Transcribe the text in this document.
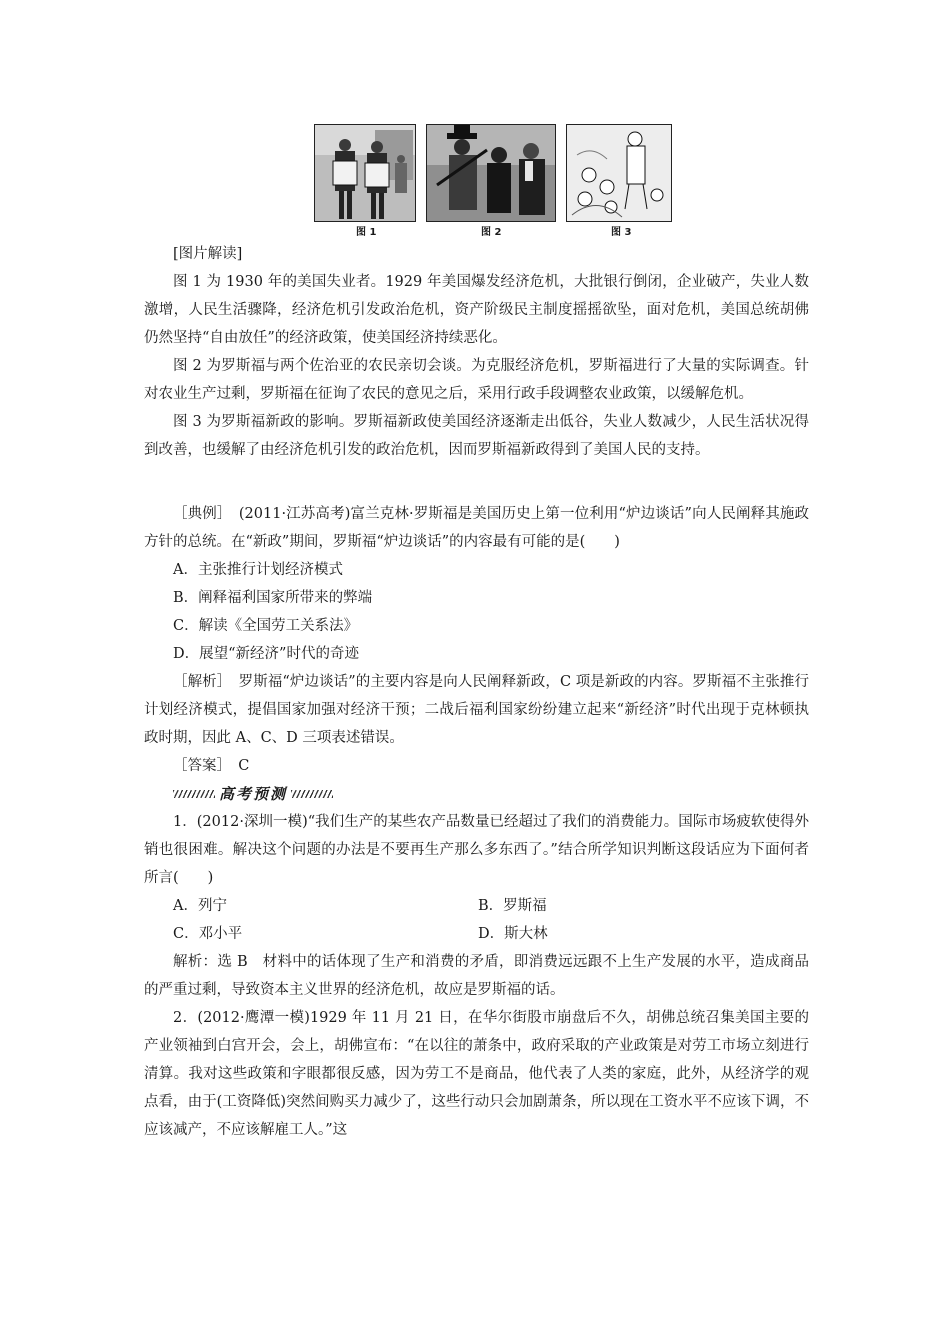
图 1	图 2	图 3

[图片解读]

图 1 为 1930 年的美国失业者。1929 年美国爆发经济危机，大批银行倒闭，企业破产，失业人数激增，人民生活骤降，经济危机引发政治危机，资产阶级民主制度摇摇欲坠，面对危机，美国总统胡佛仍然坚持“自由放任”的经济政策，使美国经济持续恶化。

图 2 为罗斯福与两个佐治亚的农民亲切会谈。为克服经济危机，罗斯福进行了大量的实际调查。针对农业生产过剩，罗斯福在征询了农民的意见之后，采用行政手段调整农业政策，以缓解危机。

图 3 为罗斯福新政的影响。罗斯福新政使美国经济逐渐走出低谷，失业人数减少，人民生活状况得到改善，也缓解了由经济危机引发的政治危机，因而罗斯福新政得到了美国人民的支持。

［典例］　(2011·江苏高考)富兰克林·罗斯福是美国历史上第一位利用“炉边谈话”向人民阐释其施政方针的总统。在“新政”期间，罗斯福“炉边谈话”的内容最有可能的是(　　)

A．主张推行计划经济模式

B．阐释福利国家所带来的弊端

C．解读《全国劳工关系法》

D．展望“新经济”时代的奇迹

［解析］　罗斯福“炉边谈话”的主要内容是向人民阐释新政，C 项是新政的内容。罗斯福不主张推行计划经济模式，提倡国家加强对经济干预；二战后福利国家纷纷建立起来“新经济”时代出现于克林顿执政时期，因此 A、C、D 三项表述错误。

［答案］　C

高考预测

1．(2012·深圳一模)“我们生产的某些农产品数量已经超过了我们的消费能力。国际市场疲软使得外销也很困难。解决这个问题的办法是不要再生产那么多东西了。”结合所学知识判断这段话应为下面何者所言(　　)

A．列宁	B．罗斯福
C．邓小平	D．斯大林

解析：选 B　材料中的话体现了生产和消费的矛盾，即消费远远跟不上生产发展的水平，造成商品的严重过剩，导致资本主义世界的经济危机，故应是罗斯福的话。

2．(2012·鹰潭一模)1929 年 11 月 21 日，在华尔街股市崩盘后不久，胡佛总统召集美国主要的产业领袖到白宫开会，会上，胡佛宣布：“在以往的萧条中，政府采取的产业政策是对劳工市场立刻进行清算。我对这些政策和字眼都很反感，因为劳工不是商品，他代表了人类的家庭，此外，从经济学的观点看，由于(工资降低)突然间购买力减少了，这些行动只会加剧萧条，所以现在工资水平不应该下调，不应该减产，不应该解雇工人。”这
